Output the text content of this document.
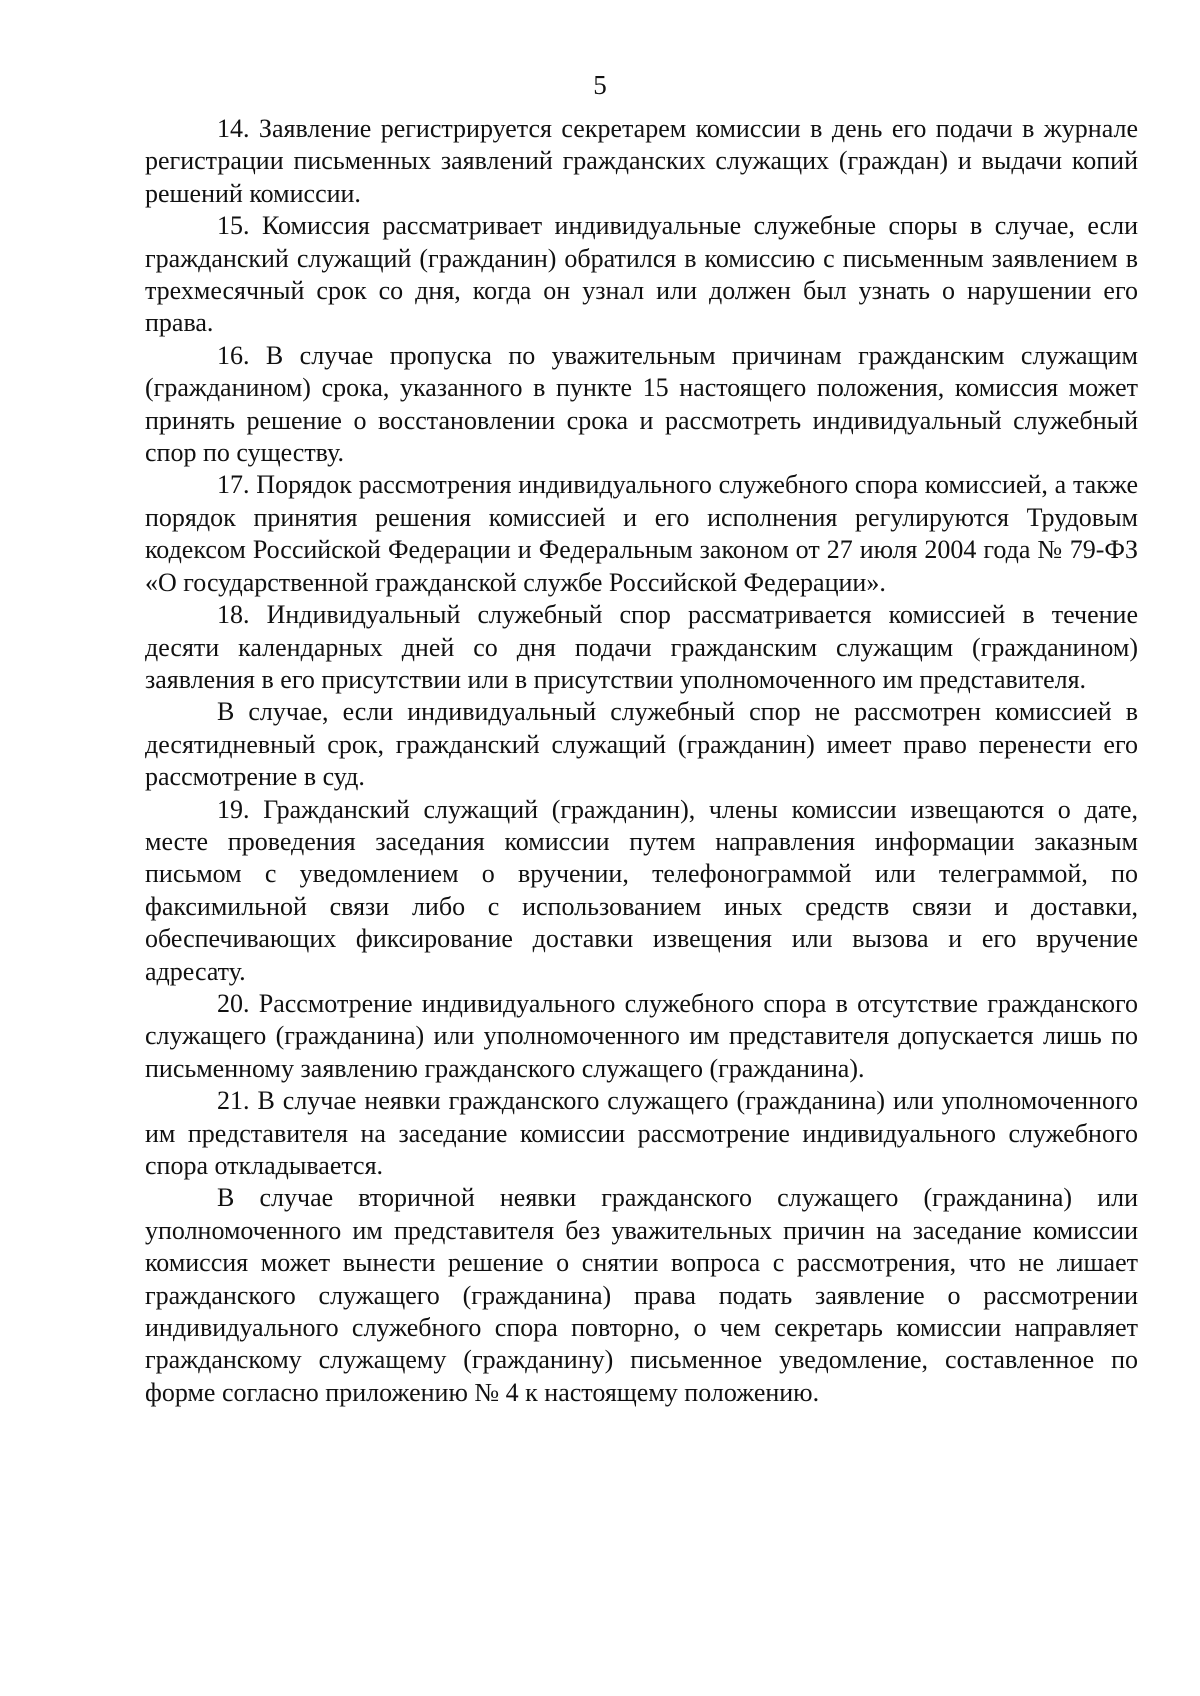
5

14. Заявление регистрируется секретарем комиссии в день его подачи в журнале регистрации письменных заявлений гражданских служащих (граждан) и выдачи копий решений комиссии.

15. Комиссия рассматривает индивидуальные служебные споры в случае, если гражданский служащий (гражданин) обратился в комиссию с письменным заявлением в трехмесячный срок со дня, когда он узнал или должен был узнать о нарушении его права.

16. В случае пропуска по уважительным причинам гражданским служащим (гражданином) срока, указанного в пункте 15 настоящего положения, комиссия может принять решение о восстановлении срока и рассмотреть индивидуальный служебный спор по существу.

17. Порядок рассмотрения индивидуального служебного спора комиссией, а также порядок принятия решения комиссией и его исполнения регулируются Трудовым кодексом Российской Федерации и Федеральным законом от 27 июля 2004 года № 79-ФЗ «О государственной гражданской службе Российской Федерации».

18. Индивидуальный служебный спор рассматривается комиссией в течение десяти календарных дней со дня подачи гражданским служащим (гражданином) заявления в его присутствии или в присутствии уполномоченного им представителя.

В случае, если индивидуальный служебный спор не рассмотрен комиссией в десятидневный срок, гражданский служащий (гражданин) имеет право перенести его рассмотрение в суд.

19. Гражданский служащий (гражданин), члены комиссии извещаются о дате, месте проведения заседания комиссии путем направления информации заказным письмом с уведомлением о вручении, телефонограммой или телеграммой, по факсимильной связи либо с использованием иных средств связи и доставки, обеспечивающих фиксирование доставки извещения или вызова и его вручение адресату.

20. Рассмотрение индивидуального служебного спора в отсутствие гражданского служащего (гражданина) или уполномоченного им представителя допускается лишь по письменному заявлению гражданского служащего (гражданина).

21. В случае неявки гражданского служащего (гражданина) или уполномоченного им представителя на заседание комиссии рассмотрение индивидуального служебного спора откладывается.

В случае вторичной неявки гражданского служащего (гражданина) или уполномоченного им представителя без уважительных причин на заседание комиссии комиссия может вынести решение о снятии вопроса с рассмотрения, что не лишает гражданского служащего (гражданина) права подать заявление о рассмотрении индивидуального служебного спора повторно, о чем секретарь комиссии направляет гражданскому служащему (гражданину) письменное уведомление, составленное по форме согласно приложению № 4 к настоящему положению.
